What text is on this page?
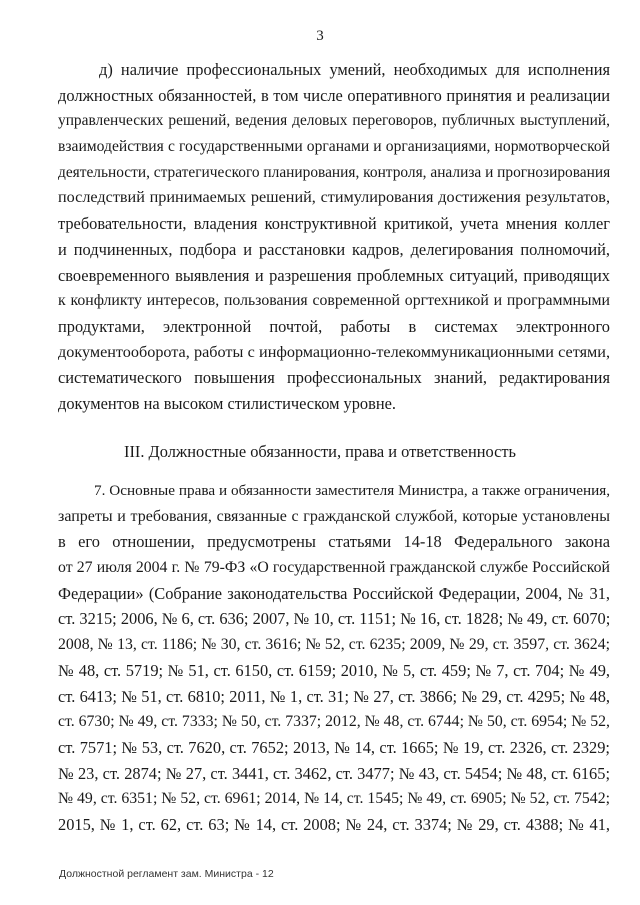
3
д) наличие профессиональных умений, необходимых для исполнения
должностных обязанностей, в том числе оперативного принятия и реализации
управленческих решений, ведения деловых переговоров, публичных выступлений,
взаимодействия с государственными органами и организациями, нормотворческой
деятельности, стратегического планирования, контроля, анализа и прогнозирования
последствий принимаемых решений, стимулирования достижения результатов,
требовательности, владения конструктивной критикой, учета мнения коллег
и подчиненных, подбора и расстановки кадров, делегирования полномочий,
своевременного выявления и разрешения проблемных ситуаций, приводящих
к конфликту интересов, пользования современной оргтехникой и программными
продуктами, электронной почтой, работы в системах электронного
документооборота, работы с информационно-телекоммуникационными сетями,
систематического повышения профессиональных знаний, редактирования
документов на высоком стилистическом уровне.
III. Должностные обязанности, права и ответственность
7. Основные права и обязанности заместителя Министра, а также ограничения,
запреты и требования, связанные с гражданской службой, которые установлены
в его отношении, предусмотрены статьями 14-18 Федерального закона
от 27 июля 2004 г. № 79-ФЗ «О государственной гражданской службе Российской
Федерации» (Собрание законодательства Российской Федерации, 2004, № 31,
ст. 3215; 2006, № 6, ст. 636; 2007, № 10, ст. 1151; № 16, ст. 1828; № 49, ст. 6070;
2008, № 13, ст. 1186; № 30, ст. 3616; № 52, ст. 6235; 2009, № 29, ст. 3597, ст. 3624;
№ 48, ст. 5719; № 51, ст. 6150, ст. 6159; 2010, № 5, ст. 459; № 7, ст. 704; № 49,
ст. 6413; № 51, ст. 6810; 2011, № 1, ст. 31; № 27, ст. 3866; № 29, ст. 4295; № 48,
ст. 6730; № 49, ст. 7333; № 50, ст. 7337; 2012, № 48, ст. 6744; № 50, ст. 6954; № 52,
ст. 7571; № 53, ст. 7620, ст. 7652; 2013, № 14, ст. 1665; № 19, ст. 2326, ст. 2329;
№ 23, ст. 2874; № 27, ст. 3441, ст. 3462, ст. 3477; № 43, ст. 5454; № 48, ст. 6165;
№ 49, ст. 6351; № 52, ст. 6961; 2014, № 14, ст. 1545; № 49, ст. 6905; № 52, ст. 7542;
2015, № 1, ст. 62, ст. 63; № 14, ст. 2008; № 24, ст. 3374; № 29, ст. 4388; № 41,
Должностной регламент зам. Министра - 12
